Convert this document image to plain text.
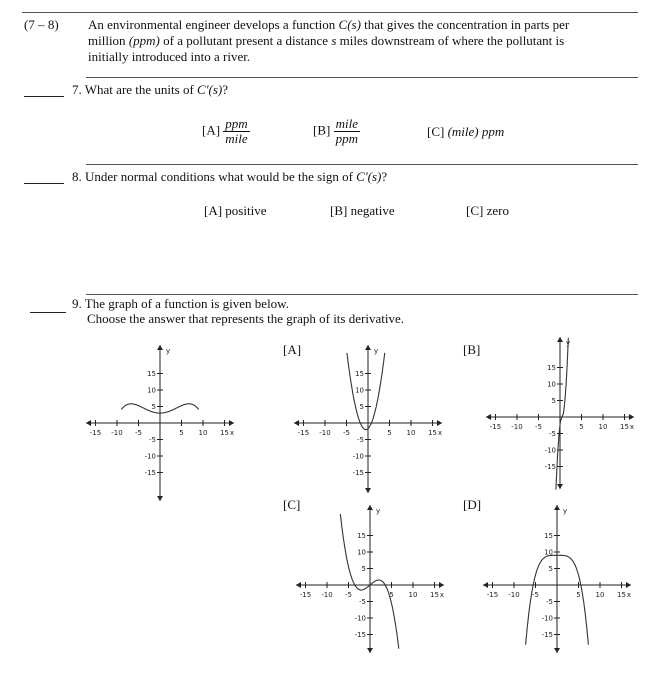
(7 – 8) An environmental engineer develops a function C(s) that gives the concentration in parts per
million (ppm) of a pollutant present a distance s miles downstream of where the pollutant is
initially introduced into a river.
7. What are the units of C′(s)?
$[A] \frac{\text{ppm}}{\text{mile}}$	$[B] \frac{\text{mile}}{\text{ppm}}$	[C] (mile) ppm
8. Under normal conditions what would be the sign of C′(s)?
[A] positive	[B] negative	[C] zero
9. The graph of a function is given below.
Choose the answer that represents the graph of its derivative.
[A]	[B]
[C]	[D]
-15 -10 -5	5 10 15
15
10
5
-5
-10
-15
x
y
-15 -10 -5	5 10 15
15
10
5
-5
-10
-15
x
y
-15 -10 -5	5 10 15
15
10
5
-5
-10
-15
x
y
-15 -10 -5	5 10 15
15
10
5
-5
-10
-15
x
y
-15 -10 -5	5 10 15
15
10
5
-5
-10
-15
x
y
